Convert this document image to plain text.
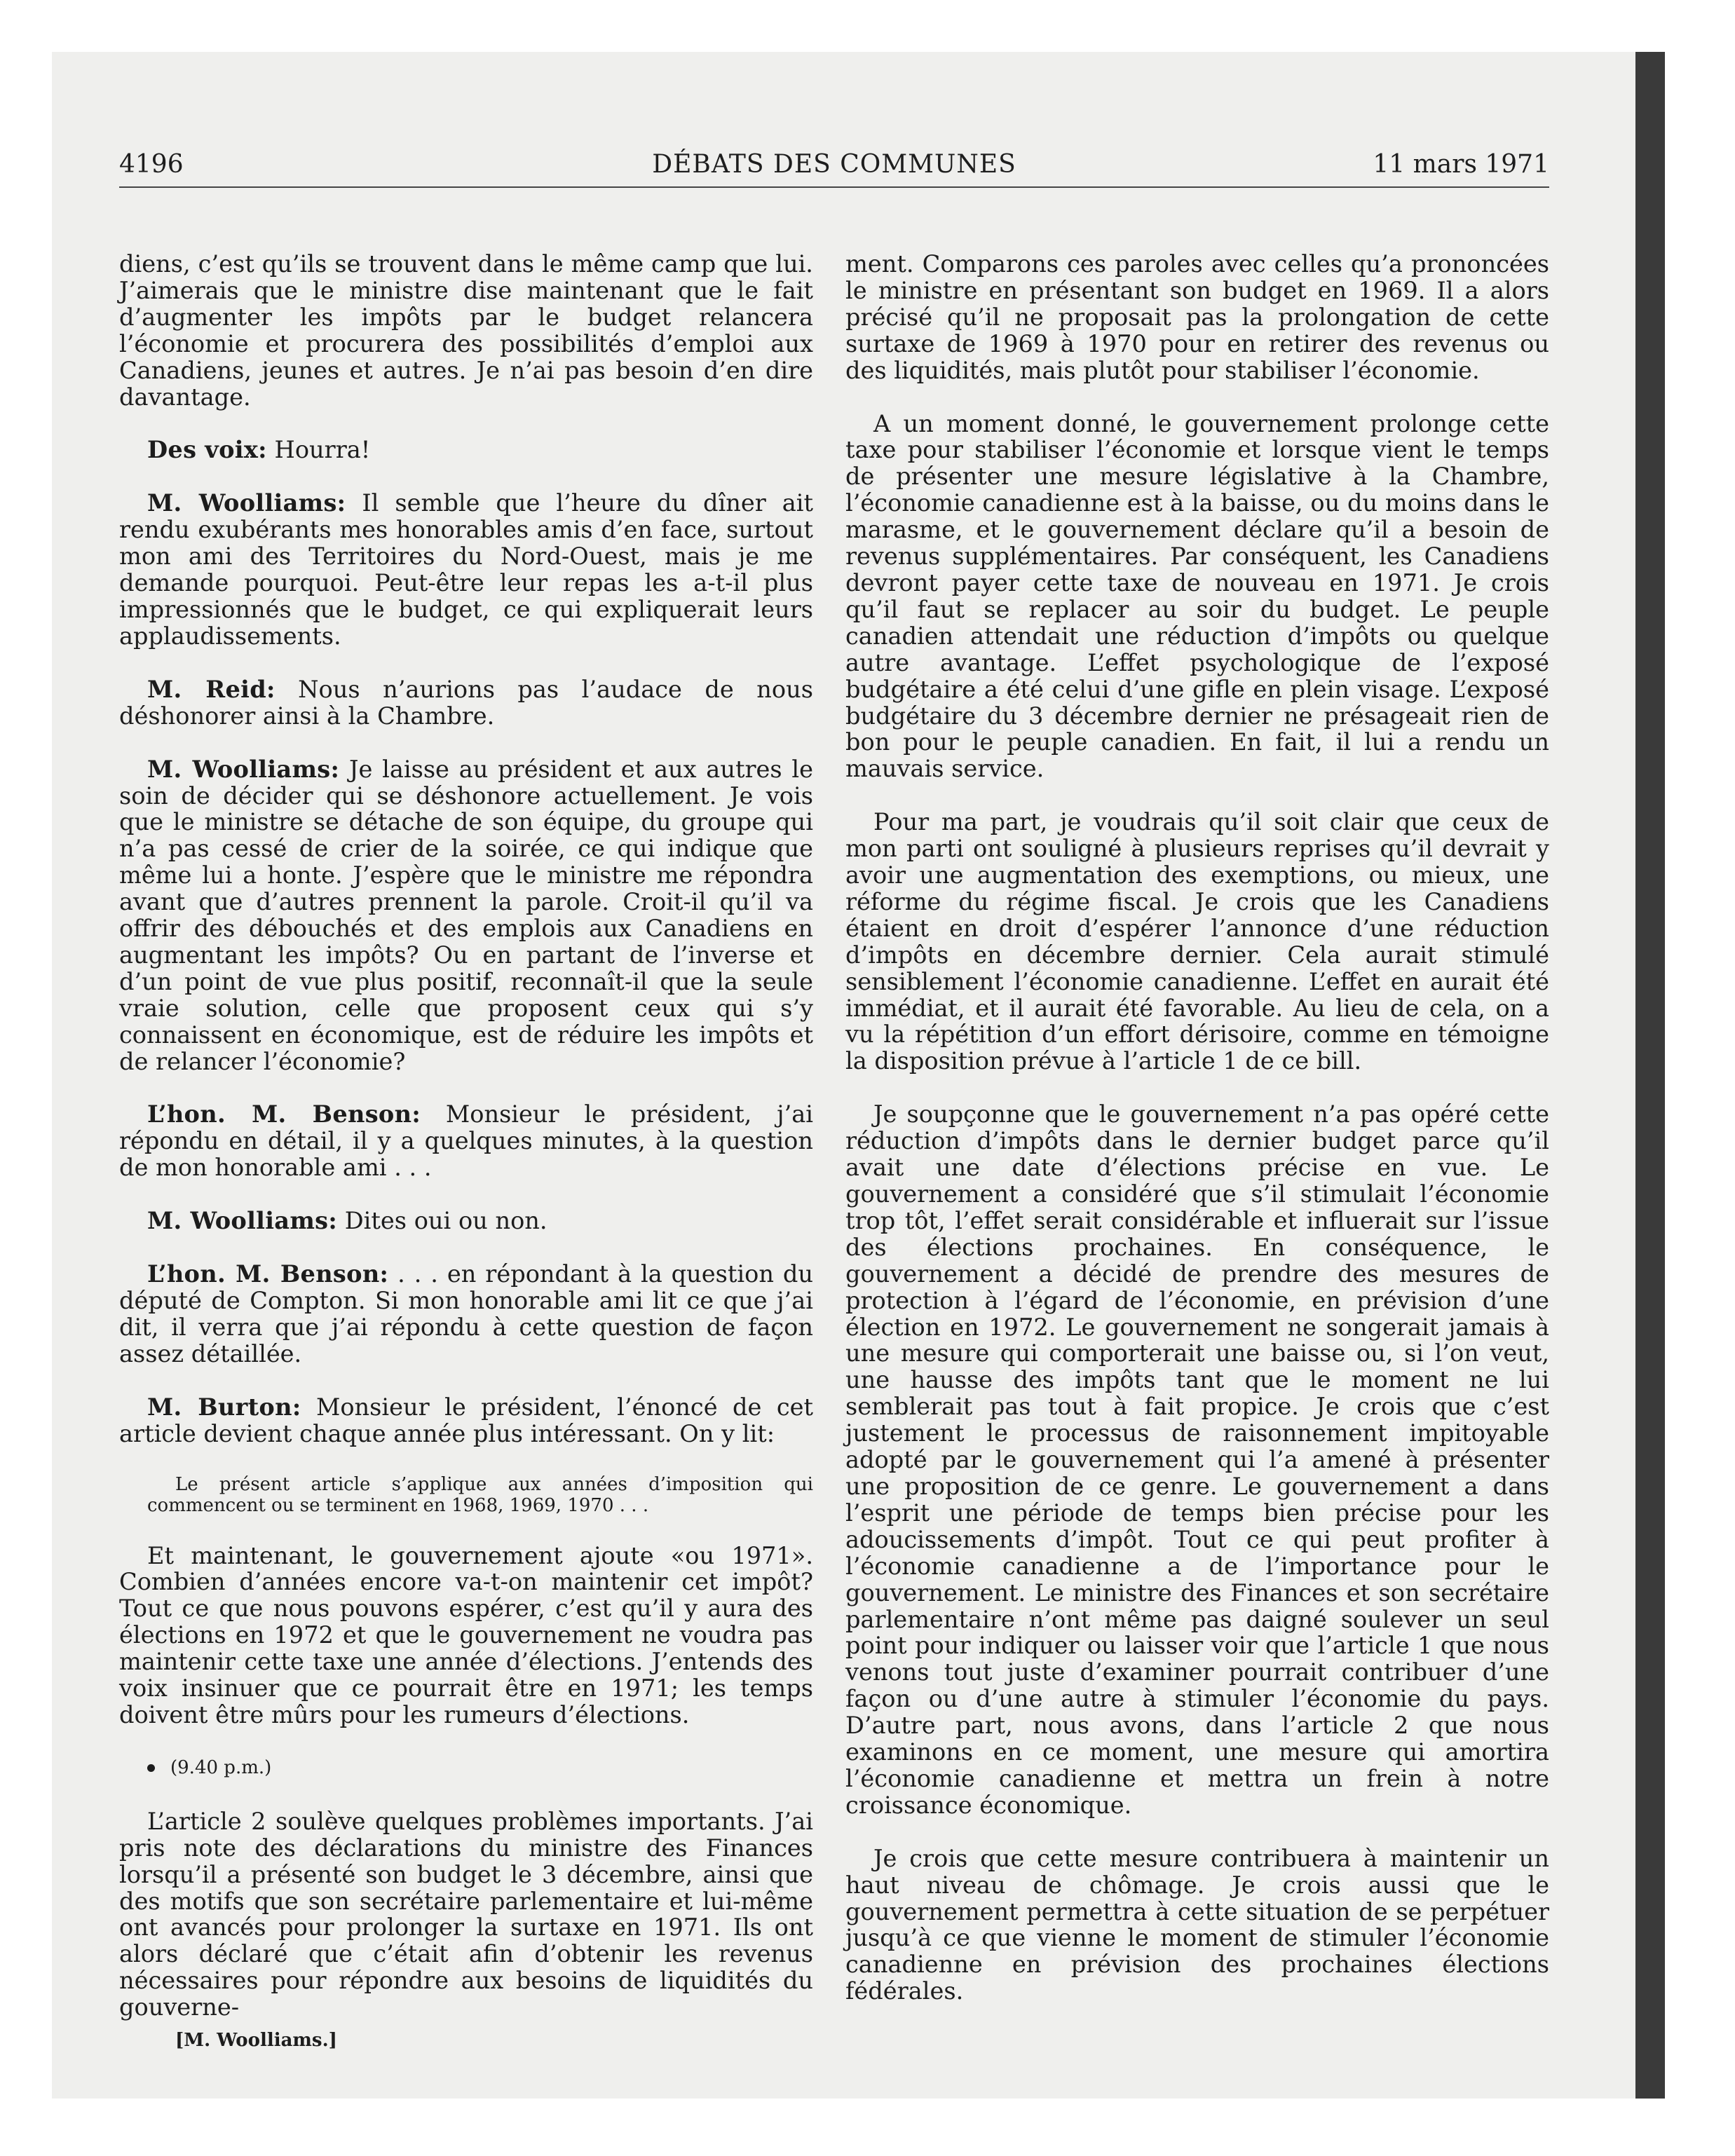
4196	DÉBATS DES COMMUNES	11 mars 1971

diens, c’est qu’ils se trouvent dans le même camp que lui. J’aimerais que le ministre dise maintenant que le fait d’augmenter les impôts par le budget relancera l’économie et procurera des possibilités d’emploi aux Canadiens, jeunes et autres. Je n’ai pas besoin d’en dire davantage.

Des voix: Hourra!

M. Woolliams: Il semble que l’heure du dîner ait rendu exubérants mes honorables amis d’en face, surtout mon ami des Territoires du Nord-Ouest, mais je me demande pourquoi. Peut-être leur repas les a-t-il plus impressionnés que le budget, ce qui expliquerait leurs applaudissements.

M. Reid: Nous n’aurions pas l’audace de nous déshonorer ainsi à la Chambre.

M. Woolliams: Je laisse au président et aux autres le soin de décider qui se déshonore actuellement. Je vois que le ministre se détache de son équipe, du groupe qui n’a pas cessé de crier de la soirée, ce qui indique que même lui a honte. J’espère que le ministre me répondra avant que d’autres prennent la parole. Croit-il qu’il va offrir des débouchés et des emplois aux Canadiens en augmentant les impôts? Ou en partant de l’inverse et d’un point de vue plus positif, reconnaît-il que la seule vraie solution, celle que proposent ceux qui s’y connaissent en économique, est de réduire les impôts et de relancer l’économie?

L’hon. M. Benson: Monsieur le président, j’ai répondu en détail, il y a quelques minutes, à la question de mon honorable ami . . .

M. Woolliams: Dites oui ou non.

L’hon. M. Benson: . . . en répondant à la question du député de Compton. Si mon honorable ami lit ce que j’ai dit, il verra que j’ai répondu à cette question de façon assez détaillée.

M. Burton: Monsieur le président, l’énoncé de cet article devient chaque année plus intéressant. On y lit:

Le présent article s’applique aux années d’imposition qui commencent ou se terminent en 1968, 1969, 1970 . . .

Et maintenant, le gouvernement ajoute «ou 1971». Combien d’années encore va-t-on maintenir cet impôt? Tout ce que nous pouvons espérer, c’est qu’il y aura des élections en 1972 et que le gouvernement ne voudra pas maintenir cette taxe une année d’élections. J’entends des voix insinuer que ce pourrait être en 1971; les temps doivent être mûrs pour les rumeurs d’élections.

(9.40 p.m.)

L’article 2 soulève quelques problèmes importants. J’ai pris note des déclarations du ministre des Finances lorsqu’il a présenté son budget le 3 décembre, ainsi que des motifs que son secrétaire parlementaire et lui-même ont avancés pour prolonger la surtaxe en 1971. Ils ont alors déclaré que c’était afin d’obtenir les revenus nécessaires pour répondre aux besoins de liquidités du gouverne-

[M. Woolliams.]

ment. Comparons ces paroles avec celles qu’a prononcées le ministre en présentant son budget en 1969. Il a alors précisé qu’il ne proposait pas la prolongation de cette surtaxe de 1969 à 1970 pour en retirer des revenus ou des liquidités, mais plutôt pour stabiliser l’économie.

A un moment donné, le gouvernement prolonge cette taxe pour stabiliser l’économie et lorsque vient le temps de présenter une mesure législative à la Chambre, l’économie canadienne est à la baisse, ou du moins dans le marasme, et le gouvernement déclare qu’il a besoin de revenus supplémentaires. Par conséquent, les Canadiens devront payer cette taxe de nouveau en 1971. Je crois qu’il faut se replacer au soir du budget. Le peuple canadien attendait une réduction d’impôts ou quelque autre avantage. L’effet psychologique de l’exposé budgétaire a été celui d’une gifle en plein visage. L’exposé budgétaire du 3 décembre dernier ne présageait rien de bon pour le peuple canadien. En fait, il lui a rendu un mauvais service.

Pour ma part, je voudrais qu’il soit clair que ceux de mon parti ont souligné à plusieurs reprises qu’il devrait y avoir une augmentation des exemptions, ou mieux, une réforme du régime fiscal. Je crois que les Canadiens étaient en droit d’espérer l’annonce d’une réduction d’impôts en décembre dernier. Cela aurait stimulé sensiblement l’économie canadienne. L’effet en aurait été immédiat, et il aurait été favorable. Au lieu de cela, on a vu la répétition d’un effort dérisoire, comme en témoigne la disposition prévue à l’article 1 de ce bill.

Je soupçonne que le gouvernement n’a pas opéré cette réduction d’impôts dans le dernier budget parce qu’il avait une date d’élections précise en vue. Le gouvernement a considéré que s’il stimulait l’économie trop tôt, l’effet serait considérable et influerait sur l’issue des élections prochaines. En conséquence, le gouvernement a décidé de prendre des mesures de protection à l’égard de l’économie, en prévision d’une élection en 1972. Le gouvernement ne songerait jamais à une mesure qui comporterait une baisse ou, si l’on veut, une hausse des impôts tant que le moment ne lui semblerait pas tout à fait propice. Je crois que c’est justement le processus de raisonnement impitoyable adopté par le gouvernement qui l’a amené à présenter une proposition de ce genre. Le gouvernement a dans l’esprit une période de temps bien précise pour les adoucissements d’impôt. Tout ce qui peut profiter à l’économie canadienne a de l’importance pour le gouvernement. Le ministre des Finances et son secrétaire parlementaire n’ont même pas daigné soulever un seul point pour indiquer ou laisser voir que l’article 1 que nous venons tout juste d’examiner pourrait contribuer d’une façon ou d’une autre à stimuler l’économie du pays. D’autre part, nous avons, dans l’article 2 que nous examinons en ce moment, une mesure qui amortira l’économie canadienne et mettra un frein à notre croissance économique.

Je crois que cette mesure contribuera à maintenir un haut niveau de chômage. Je crois aussi que le gouvernement permettra à cette situation de se perpétuer jusqu’à ce que vienne le moment de stimuler l’économie canadienne en prévision des prochaines élections fédérales.
